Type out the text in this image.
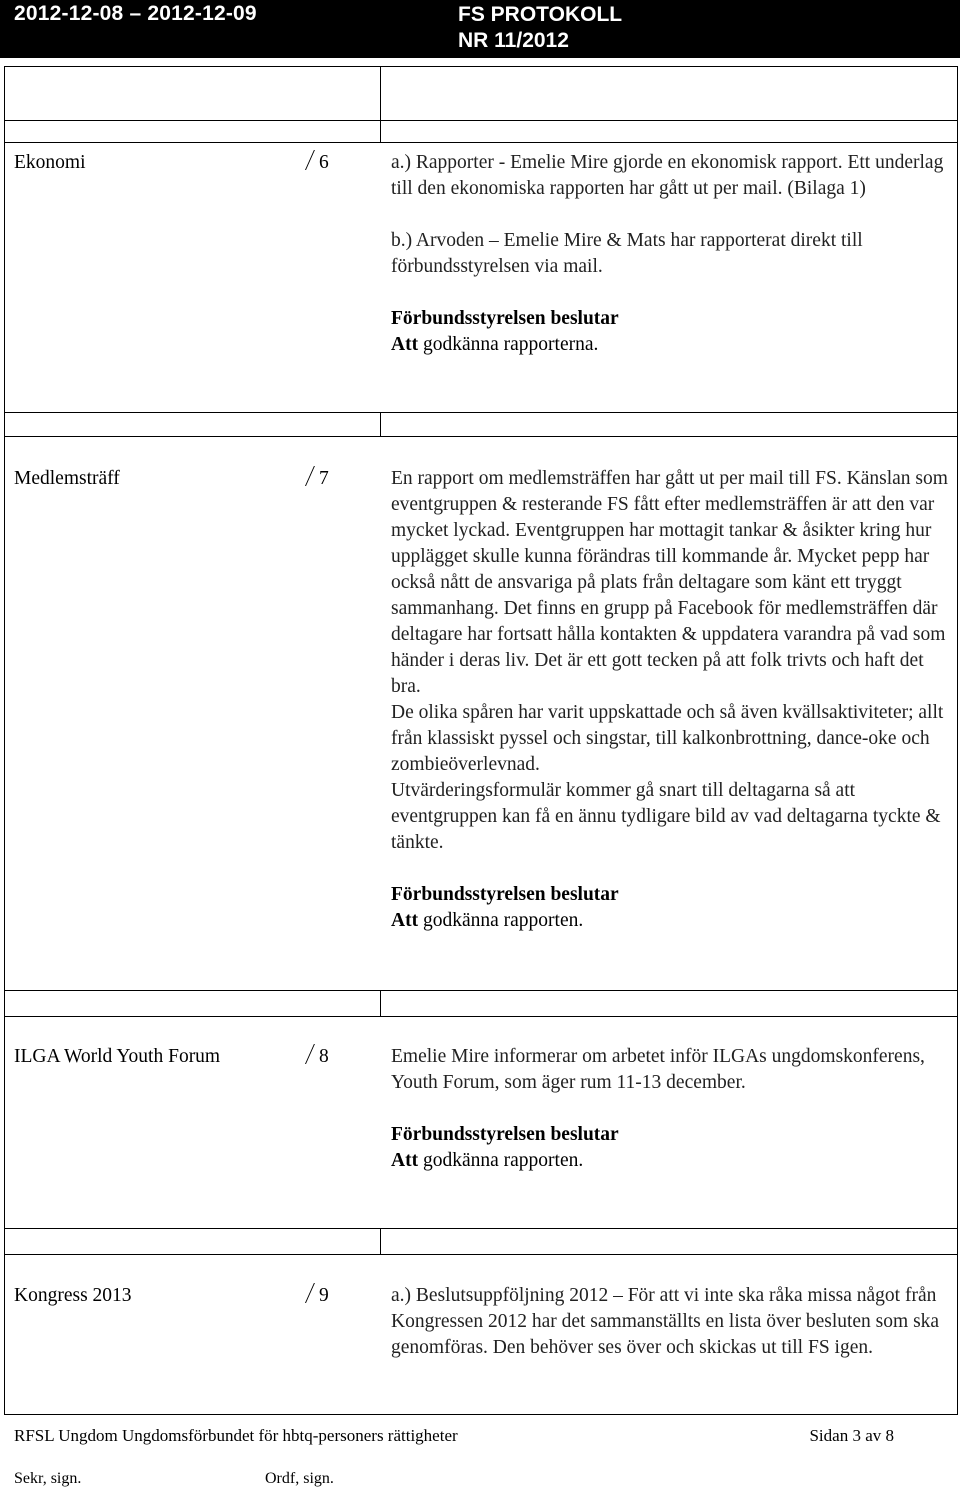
2012-12-08 – 2012-12-09	FS PROTOKOLL
NR 11/2012
Ekonomi	6	a.) Rapporter - Emelie Mire gjorde en ekonomisk rapport. Ett underlag till den ekonomiska rapporten har gått ut per mail. (Bilaga 1)

b.) Arvoden – Emelie Mire & Mats har rapporterat direkt till förbundsstyrelsen via mail.

Förbundsstyrelsen beslutar
Att godkänna rapporterna.
Medlemsträff	7	En rapport om medlemsträffen har gått ut per mail till FS. Känslan som eventgruppen & resterande FS fått efter medlemsträffen är att den var mycket lyckad. Eventgruppen har mottagit tankar & åsikter kring hur upplägget skulle kunna förändras till kommande år. Mycket pepp har också nått de ansvariga på plats från deltagare som känt ett tryggt sammanhang. Det finns en grupp på Facebook för medlemsträffen där deltagare har fortsatt hålla kontakten & uppdatera varandra på vad som händer i deras liv. Det är ett gott tecken på att folk trivts och haft det bra.

De olika spåren har varit uppskattade och så även kvällsaktiviteter; allt från klassiskt pyssel och singstar, till kalkonbrottning, dance-oke och zombieöverlevnad.

Utvärderingsformulär kommer gå snart till deltagarna så att eventgruppen kan få en ännu tydligare bild av vad deltagarna tyckte & tänkte.

Förbundsstyrelsen beslutar
Att godkänna rapporten.
ILGA World Youth Forum	8	Emelie Mire informerar om arbetet inför ILGAs ungdomskonferens, Youth Forum, som äger rum 11-13 december.

Förbundsstyrelsen beslutar
Att godkänna rapporten.
Kongress 2013	9	a.) Beslutsuppföljning 2012 – För att vi inte ska råka missa något från Kongressen 2012 har det sammanställts en lista över besluten som ska genomföras. Den behöver ses över och skickas ut till FS igen.

RFSL Ungdom Ungdomsförbundet för hbtq-personers rättigheter	Sidan 3 av 8
Sekr, sign.	Ordf, sign.
